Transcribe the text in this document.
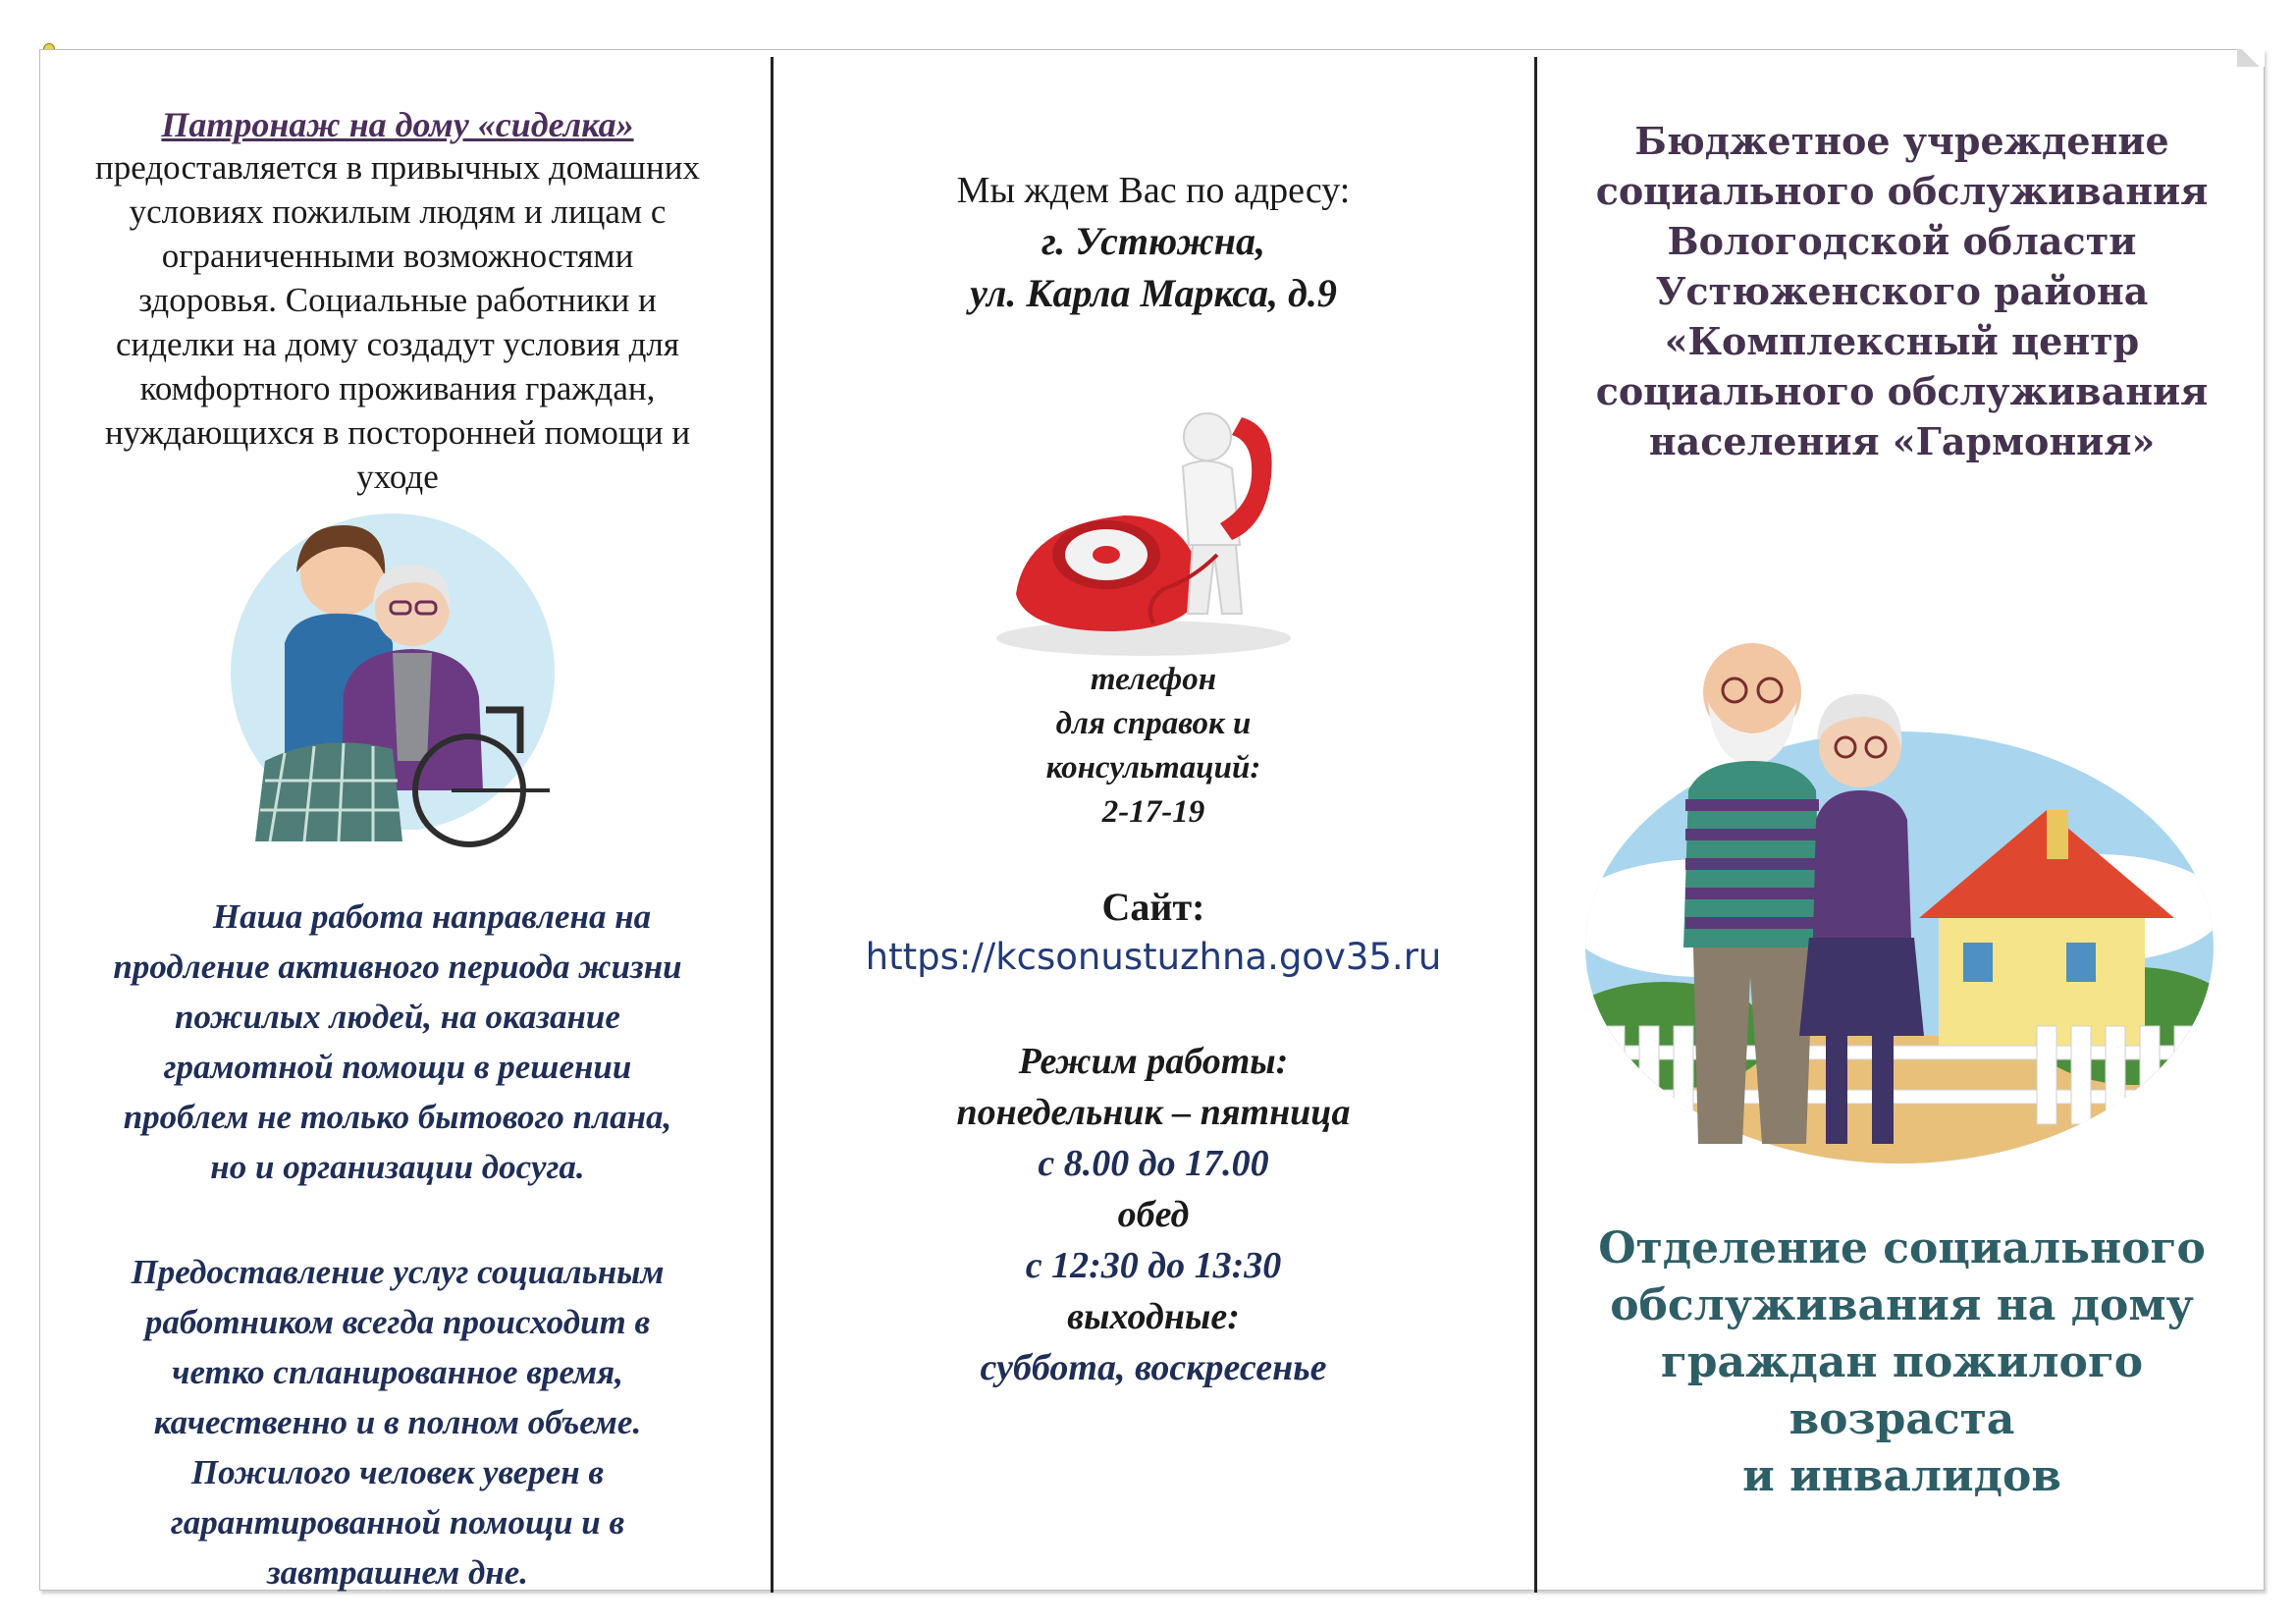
Патронаж на дому «сиделка»
предоставляется в привычных домашних
условиях пожилым людям и лицам с
ограниченными возможностями
здоровья. Социальные работники и
сиделки на дому создадут условия для
комфортного проживания граждан,
нуждающихся в посторонней помощи и
уходе
Наша работа направлена на
продление активного периода жизни
пожилых людей, на оказание
грамотной помощи в решении
проблем не только бытового плана,
но и организации досуга.
Предоставление услуг социальным
работником всегда происходит в
четко спланированное время,
качественно и в полном объеме.
Пожилого человек уверен в
гарантированной помощи и в
завтрашнем дне.
Мы ждем Вас по адресу:
г. Устюжна,
ул. Карла Маркса, д.9
телефон
для справок и
консультаций:
2-17-19
Сайт:
https://kcsonustuzhna.gov35.ru
Режим работы:
понедельник – пятница
с 8.00 до 17.00
обед
с 12:30 до 13:30
выходные:
суббота, воскресенье
Бюджетное учреждение
социального обслуживания
Вологодской области
Устюженского района
«Комплексный центр
социального обслуживания
населения «Гармония»
Отделение социального
обслуживания на дому
граждан пожилого возраста
и инвалидов
